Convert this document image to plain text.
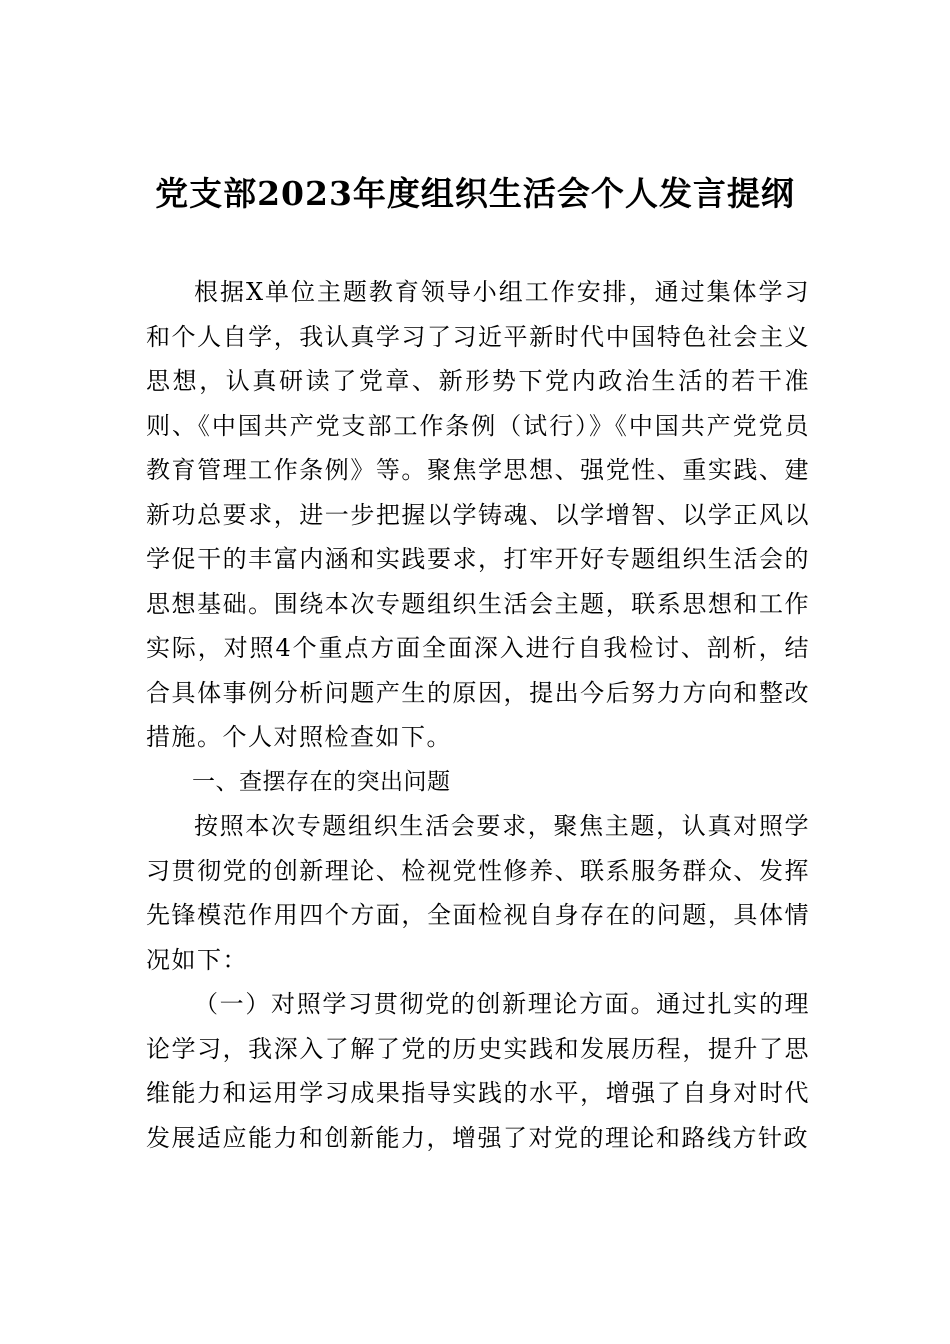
党支部2023年度组织生活会个人发言提纲

根据X单位主题教育领导小组工作安排，通过集体学习和个人自学，我认真学习了习近平新时代中国特色社会主义思想，认真研读了党章、新形势下党内政治生活的若干准则、《中国共产党支部工作条例（试行）》《中国共产党党员教育管理工作条例》等。聚焦学思想、强党性、重实践、建新功总要求，进一步把握以学铸魂、以学增智、以学正风以学促干的丰富内涵和实践要求，打牢开好专题组织生活会的思想基础。围绕本次专题组织生活会主题，联系思想和工作实际，对照4个重点方面全面深入进行自我检讨、剖析，结合具体事例分析问题产生的原因，提出今后努力方向和整改措施。个人对照检查如下。

一、查摆存在的突出问题

按照本次专题组织生活会要求，聚焦主题，认真对照学习贯彻党的创新理论、检视党性修养、联系服务群众、发挥先锋模范作用四个方面，全面检视自身存在的问题，具体情况如下：

（一）对照学习贯彻党的创新理论方面。通过扎实的理论学习，我深入了解了党的历史实践和发展历程，提升了思维能力和运用学习成果指导实践的水平，增强了自身对时代发展适应能力和创新能力，增强了对党的理论和路线方针政
